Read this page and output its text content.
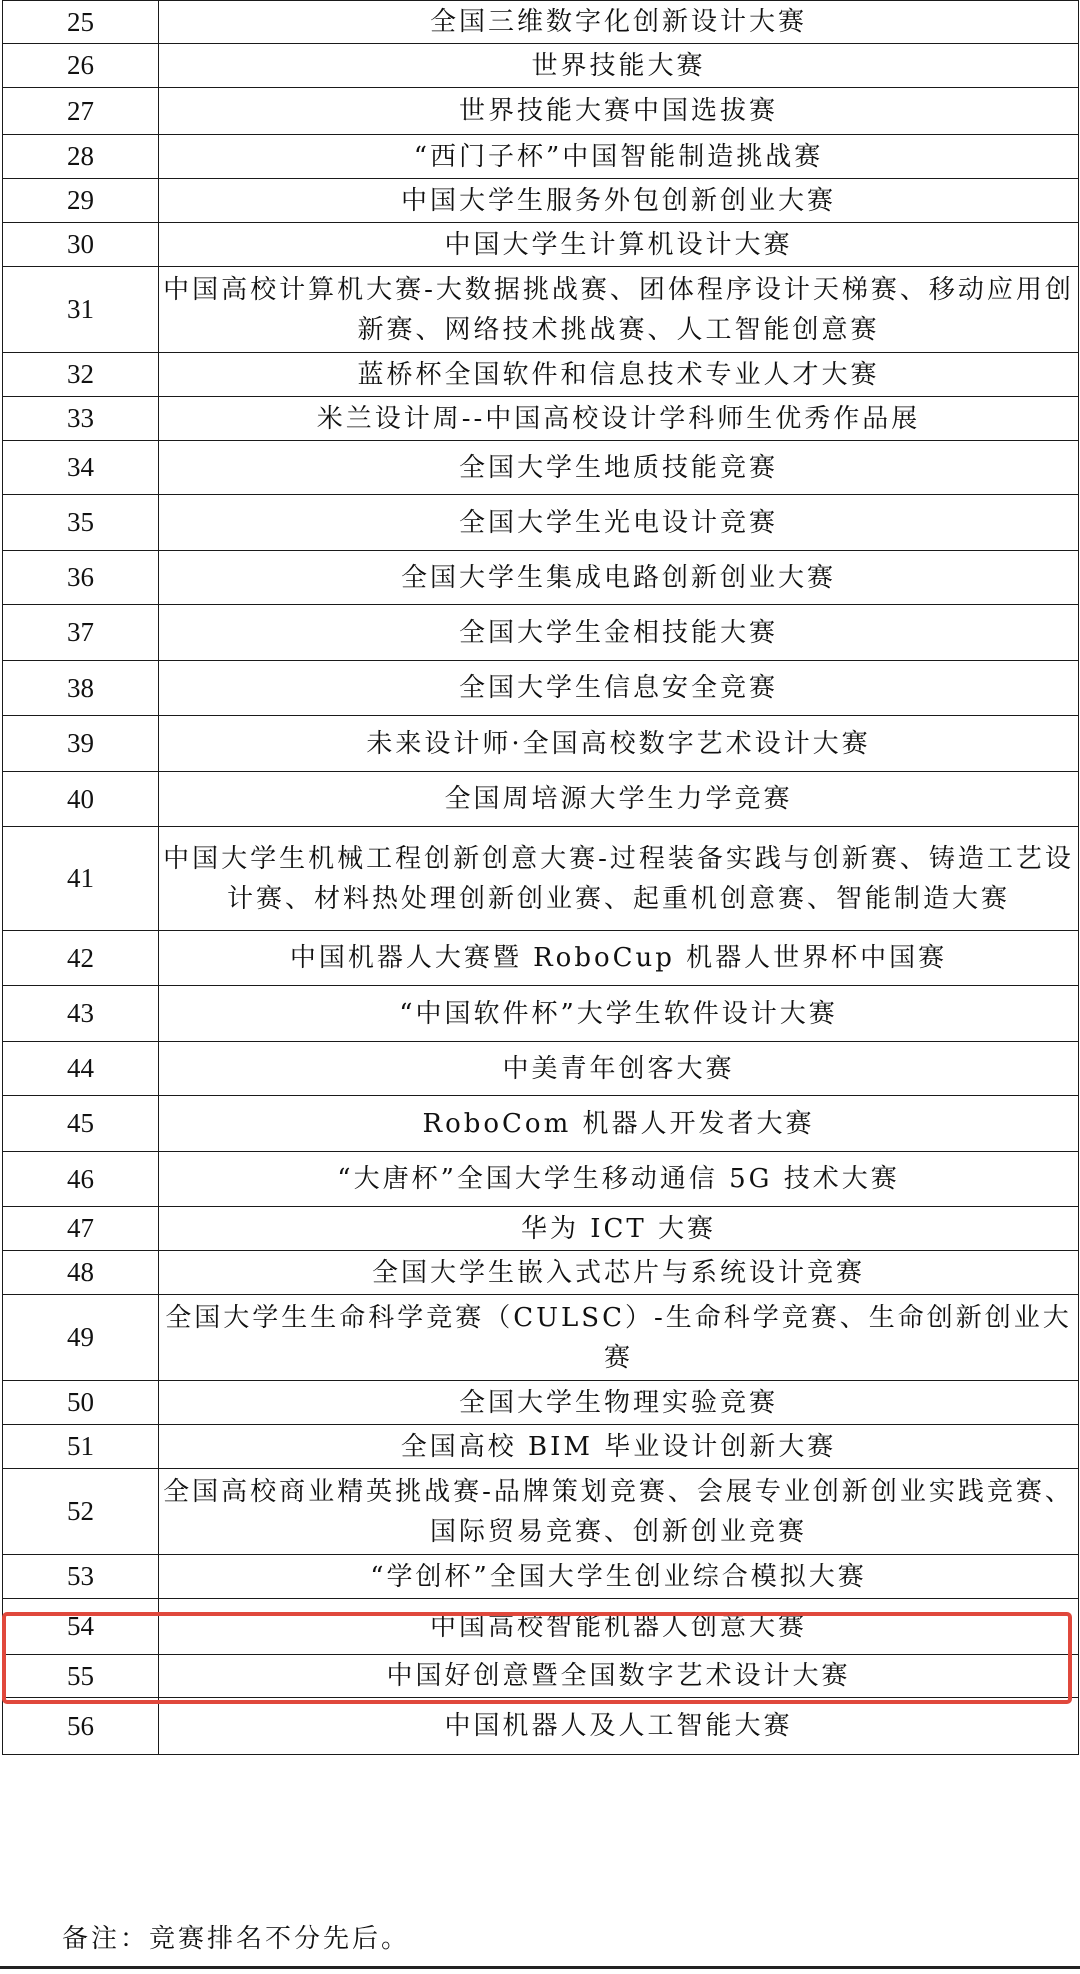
25	全国三维数字化创新设计大赛
26	世界技能大赛
27	世界技能大赛中国选拔赛
28	“西门子杯”中国智能制造挑战赛
29	中国大学生服务外包创新创业大赛
30	中国大学生计算机设计大赛
31	中国高校计算机大赛-大数据挑战赛、团体程序设计天梯赛、移动应用创新赛、网络技术挑战赛、人工智能创意赛
32	蓝桥杯全国软件和信息技术专业人才大赛
33	米兰设计周--中国高校设计学科师生优秀作品展
34	全国大学生地质技能竞赛
35	全国大学生光电设计竞赛
36	全国大学生集成电路创新创业大赛
37	全国大学生金相技能大赛
38	全国大学生信息安全竞赛
39	未来设计师·全国高校数字艺术设计大赛
40	全国周培源大学生力学竞赛
41	中国大学生机械工程创新创意大赛-过程装备实践与创新赛、铸造工艺设计赛、材料热处理创新创业赛、起重机创意赛、智能制造大赛
42	中国机器人大赛暨 RoboCup 机器人世界杯中国赛
43	“中国软件杯”大学生软件设计大赛
44	中美青年创客大赛
45	RoboCom 机器人开发者大赛
46	“大唐杯”全国大学生移动通信 5G 技术大赛
47	华为 ICT 大赛
48	全国大学生嵌入式芯片与系统设计竞赛
49	全国大学生生命科学竞赛（CULSC）-生命科学竞赛、生命创新创业大赛
50	全国大学生物理实验竞赛
51	全国高校 BIM 毕业设计创新大赛
52	全国高校商业精英挑战赛-品牌策划竞赛、会展专业创新创业实践竞赛、国际贸易竞赛、创新创业竞赛
53	“学创杯”全国大学生创业综合模拟大赛
54	中国高校智能机器人创意大赛
55	中国好创意暨全国数字艺术设计大赛
56	中国机器人及人工智能大赛
备注：竞赛排名不分先后。
